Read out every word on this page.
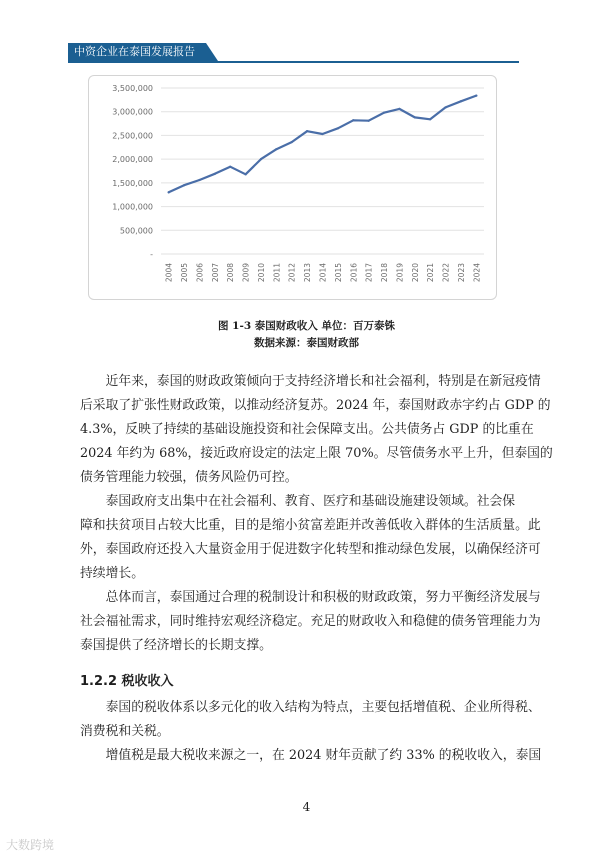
中资企业在泰国发展报告
-
500,000
1,000,000
1,500,000
2,000,000
2,500,000
3,000,000
3,500,000
2004 2005 2006 2007 2008 2009 2010 2011 2012 2013 2014 2015 2016 2017 2018 2019 2020 2021 2022 2023 2024
图 1-3 泰国财政收入 单位：百万泰铢
数据来源：泰国财政部

　　近年来，泰国的财政政策倾向于支持经济增长和社会福利，特别是在新冠疫情
后采取了扩张性财政政策，以推动经济复苏。2024 年，泰国财政赤字约占 GDP 的
4.3%，反映了持续的基础设施投资和社会保障支出。公共债务占 GDP 的比重在
2024 年约为 68%，接近政府设定的法定上限 70%。尽管债务水平上升，但泰国的
债务管理能力较强，债务风险仍可控。

　　泰国政府支出集中在社会福利、教育、医疗和基础设施建设领域。社会保
障和扶贫项目占较大比重，目的是缩小贫富差距并改善低收入群体的生活质量。此
外，泰国政府还投入大量资金用于促进数字化转型和推动绿色发展，以确保经济可
持续增长。

　　总体而言，泰国通过合理的税制设计和积极的财政政策，努力平衡经济发展与
社会福祉需求，同时维持宏观经济稳定。充足的财政收入和稳健的债务管理能力为
泰国提供了经济增长的长期支撑。

1.2.2 税收收入

　　泰国的税收体系以多元化的收入结构为特点，主要包括增值税、企业所得税、
消费税和关税。

　　增值税是最大税收来源之一，在 2024 财年贡献了约 33% 的税收收入，泰国

4
大数跨境
